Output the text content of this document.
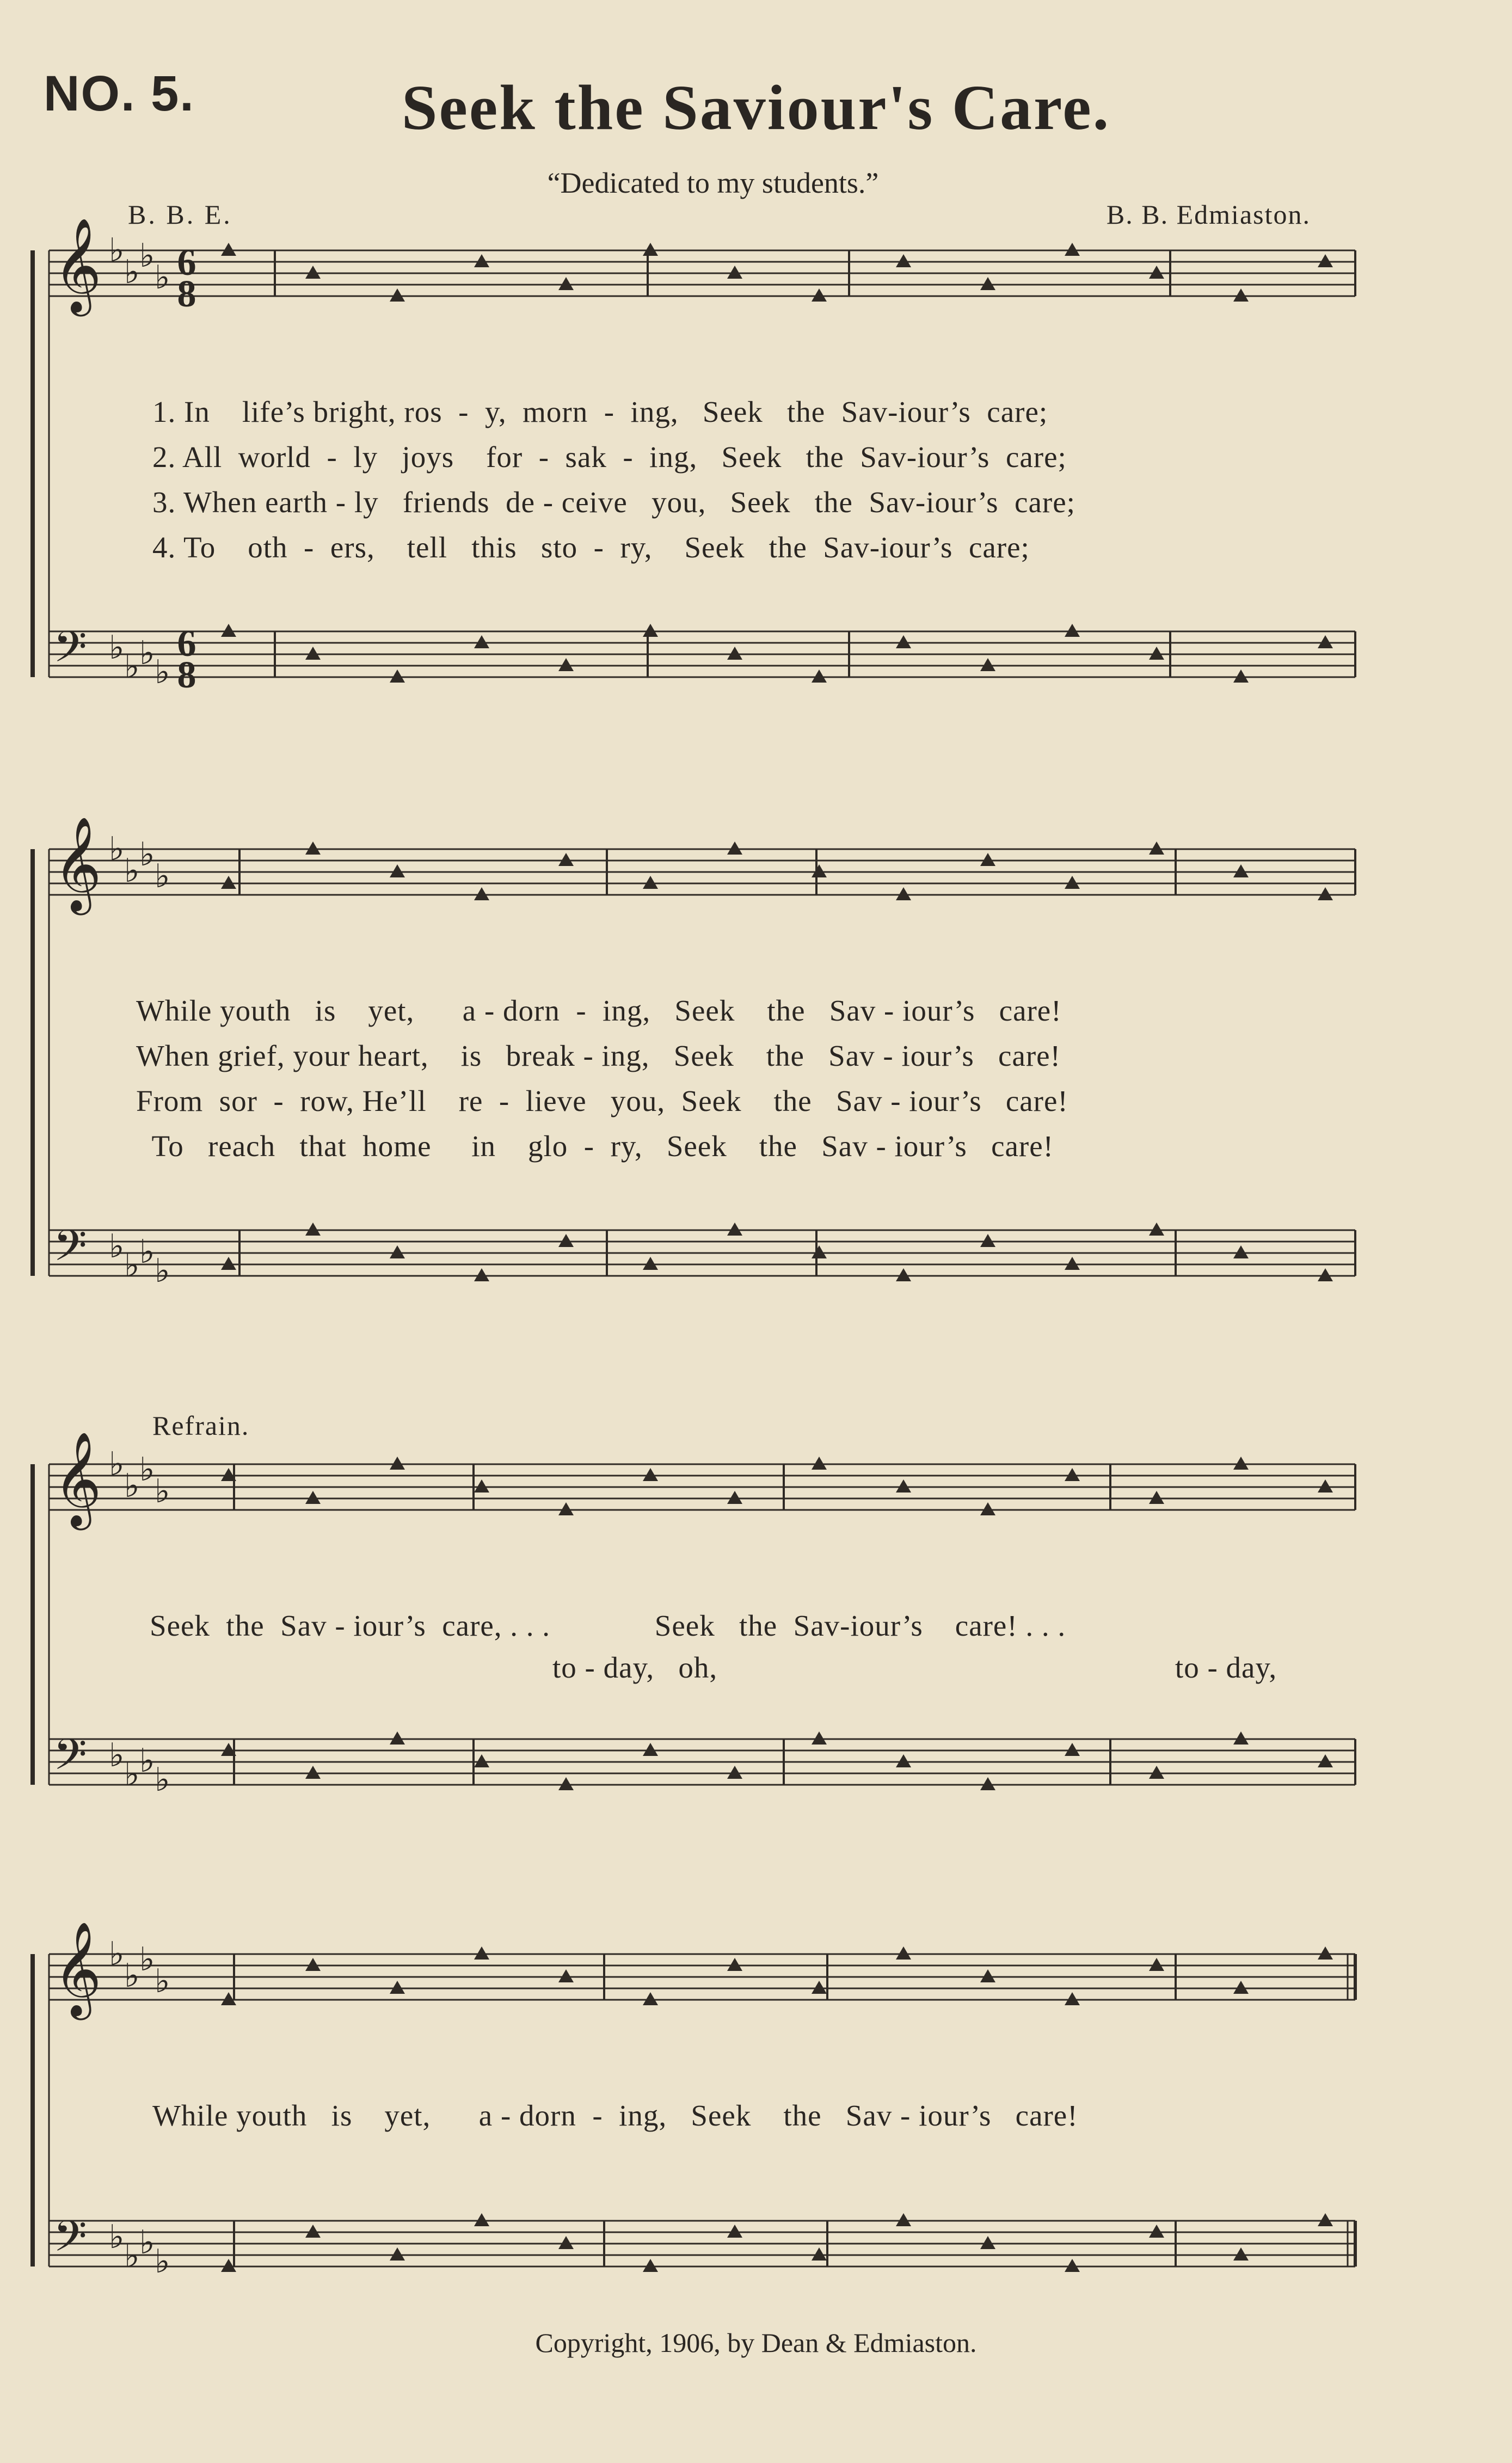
NO. 5.	Seek the Saviour's Care.
“Dedicated to my students.”
B. B. E.	B. B. Edmiaston.
𝄞 ♭
♭ ♭
♭ 6
8
𝄢 ♭ ♭ ♭ ♭
6
8
𝄞 ♭
♭ ♭
♭
𝄢 ♭ ♭ ♭ ♭
𝄞 ♭
♭ ♭
♭
𝄢 ♭ ♭ ♭ ♭
𝄞 ♭
♭ ♭
♭
𝄢 ♭ ♭ ♭ ♭
1. In    life’s bright, ros  -  y,  morn  -  ing,   Seek   the  Sav-iour’s  care;
2. All  world  -  ly   joys    for  -  sak  -  ing,   Seek   the  Sav-iour’s  care;
3. When earth - ly   friends  de - ceive   you,   Seek   the  Sav-iour’s  care;
4. To    oth  -  ers,    tell   this   sto  -  ry,    Seek   the  Sav-iour’s  care;
While youth   is    yet,      a - dorn  -  ing,   Seek    the   Sav - iour’s   care!
When grief, your heart,    is   break - ing,   Seek    the   Sav - iour’s   care!
From  sor  -  row, He’ll    re  -  lieve   you,  Seek    the   Sav - iour’s   care!
To   reach   that  home     in    glo  -  ry,   Seek    the   Sav - iour’s   care!
Refrain.
Seek  the  Sav - iour’s  care, . . .             Seek   the  Sav-iour’s    care! . . .
to - day,   oh,                                                         to - day,
While youth   is    yet,      a - dorn  -  ing,   Seek    the   Sav - iour’s   care!
Copyright, 1906, by Dean & Edmiaston.
